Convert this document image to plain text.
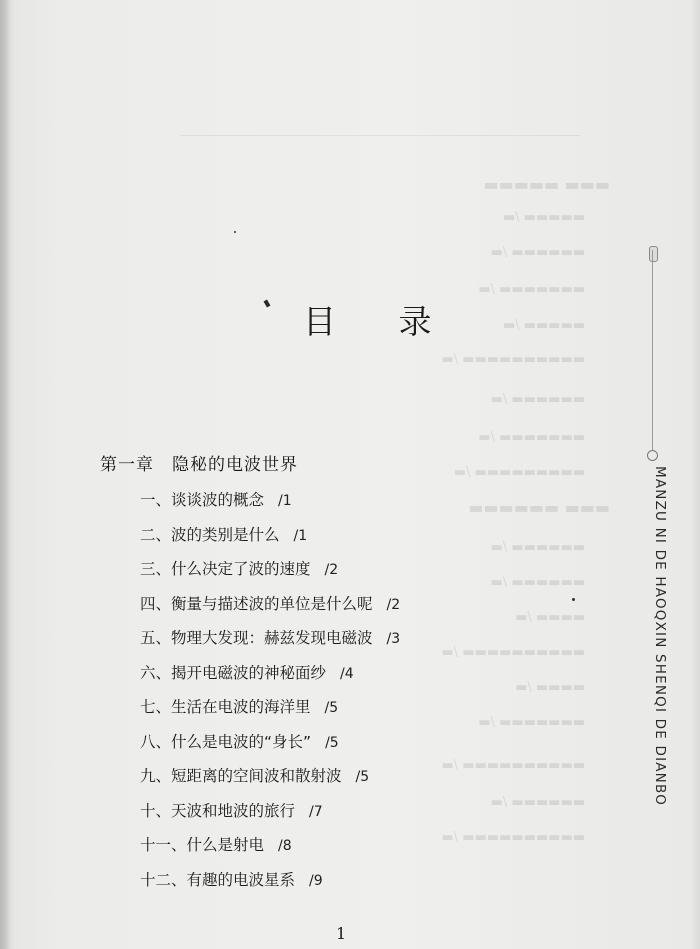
▬▬▬ ▬▬▬▬▬
▬▬▬▬▬ /▬
▬▬▬▬▬▬ /▬
▬▬▬▬▬▬▬ /▬
▬▬▬▬▬ /▬
▬▬▬▬▬▬▬▬▬▬ /▬
▬▬▬▬▬▬ /▬
▬▬▬▬▬▬▬ /▬
▬▬▬▬▬▬▬▬▬ /▬
▬▬▬ ▬▬▬▬▬▬
▬▬▬▬▬▬ /▬
▬▬▬▬▬▬ /▬
▬▬▬▬ /▬
▬▬▬▬▬▬▬▬▬▬ /▬
▬▬▬▬ /▬
▬▬▬▬▬▬▬ /▬
▬▬▬▬▬▬▬▬▬▬ /▬
▬▬▬▬▬▬ /▬
▬▬▬▬▬▬▬▬▬▬ /▬
目 录
第一章 隐秘的电波世界
一、谈谈波的概念 /1
二、波的类别是什么 /1
三、什么决定了波的速度 /2
四、衡量与描述波的单位是什么呢 /2
五、物理大发现：赫兹发现电磁波 /3
六、揭开电磁波的神秘面纱 /4
七、生活在电波的海洋里 /5
八、什么是电波的“身长” /5
九、短距离的空间波和散射波 /5
十、天波和地波的旅行 /7
十一、什么是射电 /8
十二、有趣的电波星系 /9
MANZU NI DE HAOQXIN SHENQI DE DIANBO
1
